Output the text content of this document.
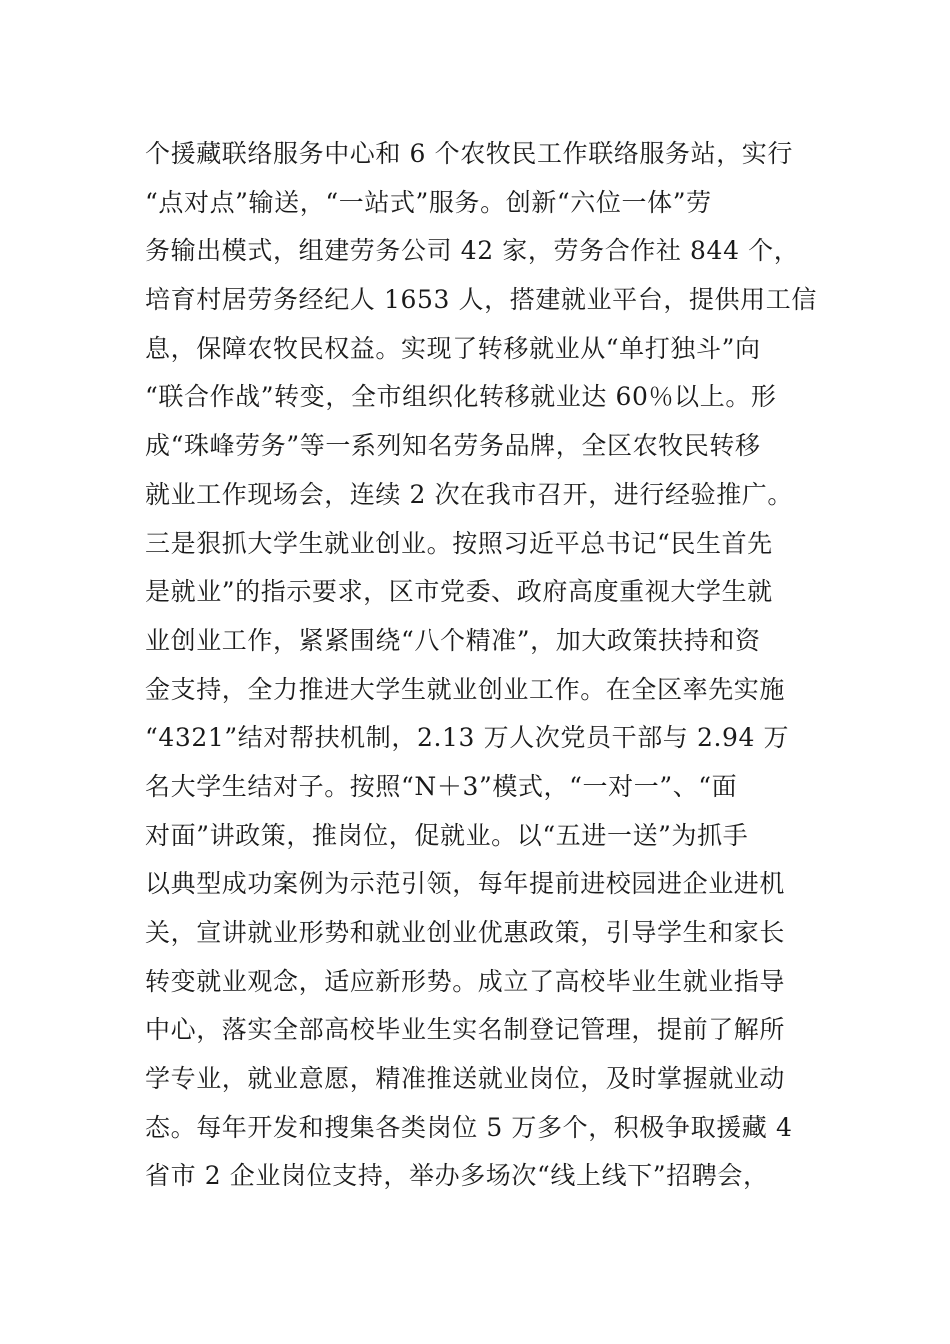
个援藏联络服务中心和 6 个农牧民工作联络服务站，实行
“点对点”输送，“一站式”服务。创新“六位一体”劳
务输出模式，组建劳务公司 42 家，劳务合作社 844 个，
培育村居劳务经纪人 1653 人，搭建就业平台，提供用工信
息，保障农牧民权益。实现了转移就业从“单打独斗”向
“联合作战”转变，全市组织化转移就业达 60％以上。形
成“珠峰劳务”等一系列知名劳务品牌，全区农牧民转移
就业工作现场会，连续 2 次在我市召开，进行经验推广。
三是狠抓大学生就业创业。按照习近平总书记“民生首先
是就业”的指示要求，区市党委、政府高度重视大学生就
业创业工作，紧紧围绕“八个精准”，加大政策扶持和资
金支持，全力推进大学生就业创业工作。在全区率先实施
“4321”结对帮扶机制，2.13 万人次党员干部与 2.94 万
名大学生结对子。按照“N＋3”模式，“一对一”、“面
对面”讲政策，推岗位，促就业。以“五进一送”为抓手
以典型成功案例为示范引领，每年提前进校园进企业进机
关，宣讲就业形势和就业创业优惠政策，引导学生和家长
转变就业观念，适应新形势。成立了高校毕业生就业指导
中心，落实全部高校毕业生实名制登记管理，提前了解所
学专业，就业意愿，精准推送就业岗位，及时掌握就业动
态。每年开发和搜集各类岗位 5 万多个，积极争取援藏 4
省市 2 企业岗位支持，举办多场次“线上线下”招聘会，
